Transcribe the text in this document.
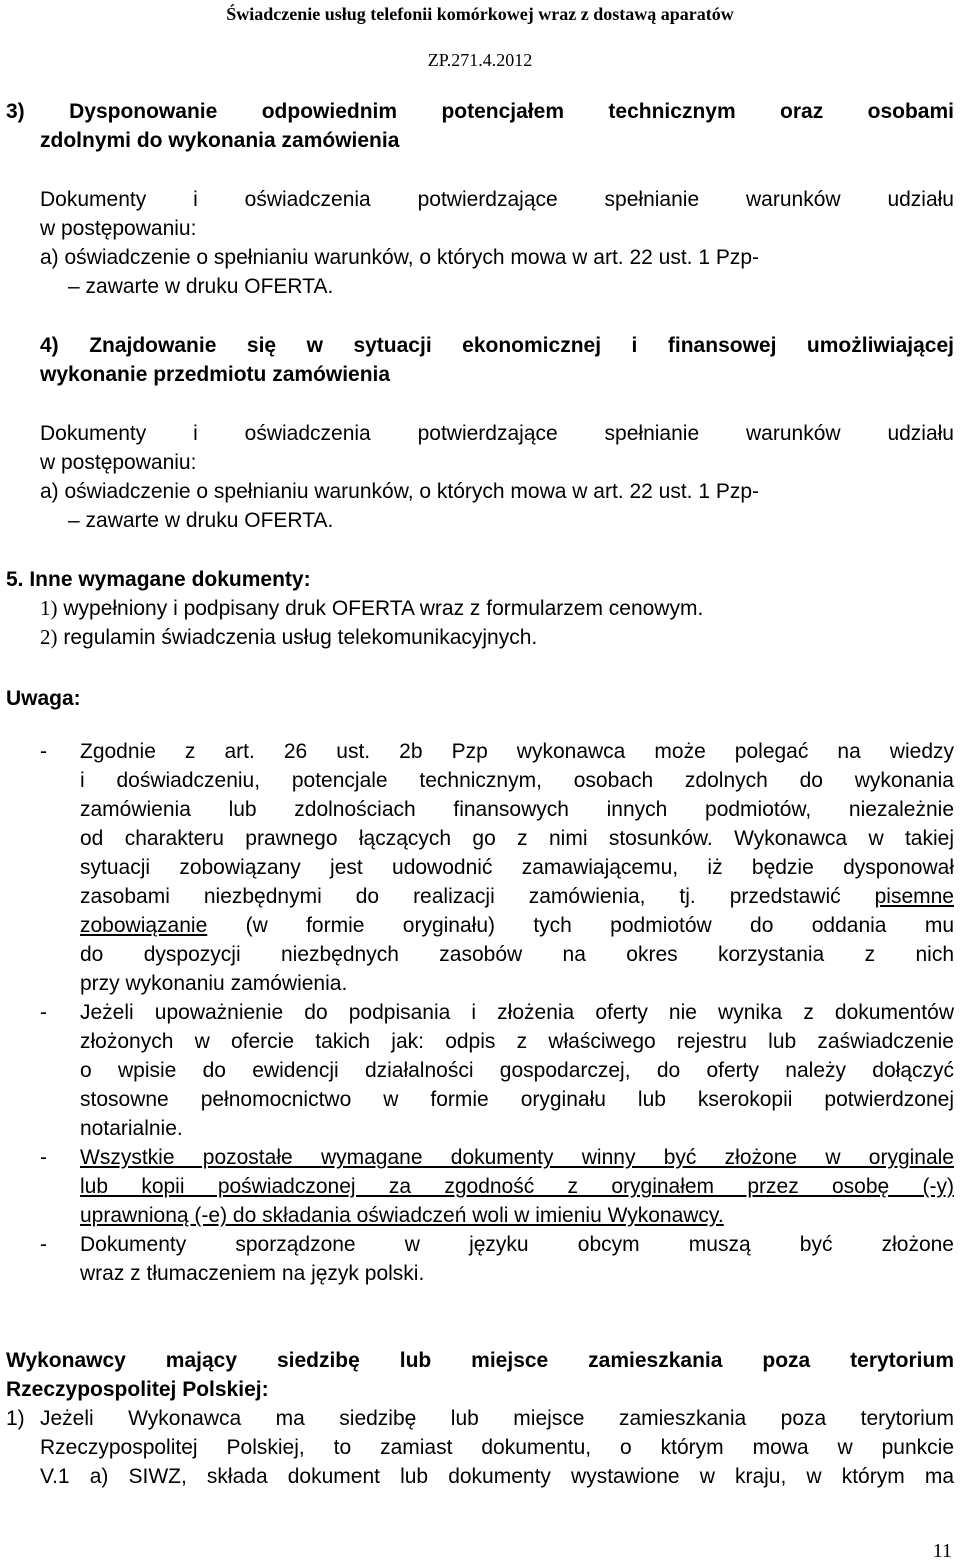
Świadczenie usług telefonii komórkowej wraz z dostawą aparatów
ZP.271.4.2012
3) Dysponowanie odpowiednim potencjałem technicznym oraz osobami
zdolnymi do wykonania zamówienia
Dokumenty i oświadczenia potwierdzające spełnianie warunków udziału
w postępowaniu:
a) oświadczenie o spełnianiu warunków, o których mowa w art. 22 ust. 1 Pzp-
– zawarte w druku OFERTA.
4) Znajdowanie się w sytuacji ekonomicznej i finansowej umożliwiającej
wykonanie przedmiotu zamówienia
Dokumenty i oświadczenia potwierdzające spełnianie warunków udziału
w postępowaniu:
a) oświadczenie o spełnianiu warunków, o których mowa w art. 22 ust. 1 Pzp-
– zawarte w druku OFERTA.
5. Inne wymagane dokumenty:
1) wypełniony i podpisany druk OFERTA wraz z formularzem cenowym.
2) regulamin świadczenia usług telekomunikacyjnych.
Uwaga:
- Zgodnie z art. 26 ust. 2b Pzp wykonawca może polegać na wiedzy
i doświadczeniu, potencjale technicznym, osobach zdolnych do wykonania
zamówienia lub zdolnościach finansowych innych podmiotów, niezależnie
od charakteru prawnego łączących go z nimi stosunków. Wykonawca w takiej
sytuacji zobowiązany jest udowodnić zamawiającemu, iż będzie dysponował
zasobami niezbędnymi do realizacji zamówienia, tj. przedstawić pisemne
zobowiązanie (w formie oryginału) tych podmiotów do oddania mu
do dyspozycji niezbędnych zasobów na okres korzystania z nich
przy wykonaniu zamówienia.
- Jeżeli upoważnienie do podpisania i złożenia oferty nie wynika z dokumentów
złożonych w ofercie takich jak: odpis z właściwego rejestru lub zaświadczenie
o wpisie do ewidencji działalności gospodarczej, do oferty należy dołączyć
stosowne pełnomocnictwo w formie oryginału lub kserokopii potwierdzonej
notarialnie.
- Wszystkie pozostałe wymagane dokumenty winny być złożone w oryginale
lub kopii poświadczonej za zgodność z oryginałem przez osobę (-y)
uprawnioną (-e) do składania oświadczeń woli w imieniu Wykonawcy.
- Dokumenty sporządzone w języku obcym muszą być złożone
wraz z tłumaczeniem na język polski.
Wykonawcy mający siedzibę lub miejsce zamieszkania poza terytorium
Rzeczypospolitej Polskiej:
1) Jeżeli Wykonawca ma siedzibę lub miejsce zamieszkania poza terytorium
Rzeczypospolitej Polskiej, to zamiast dokumentu, o którym mowa w punkcie
V.1 a) SIWZ, składa dokument lub dokumenty wystawione w kraju, w którym ma
11
